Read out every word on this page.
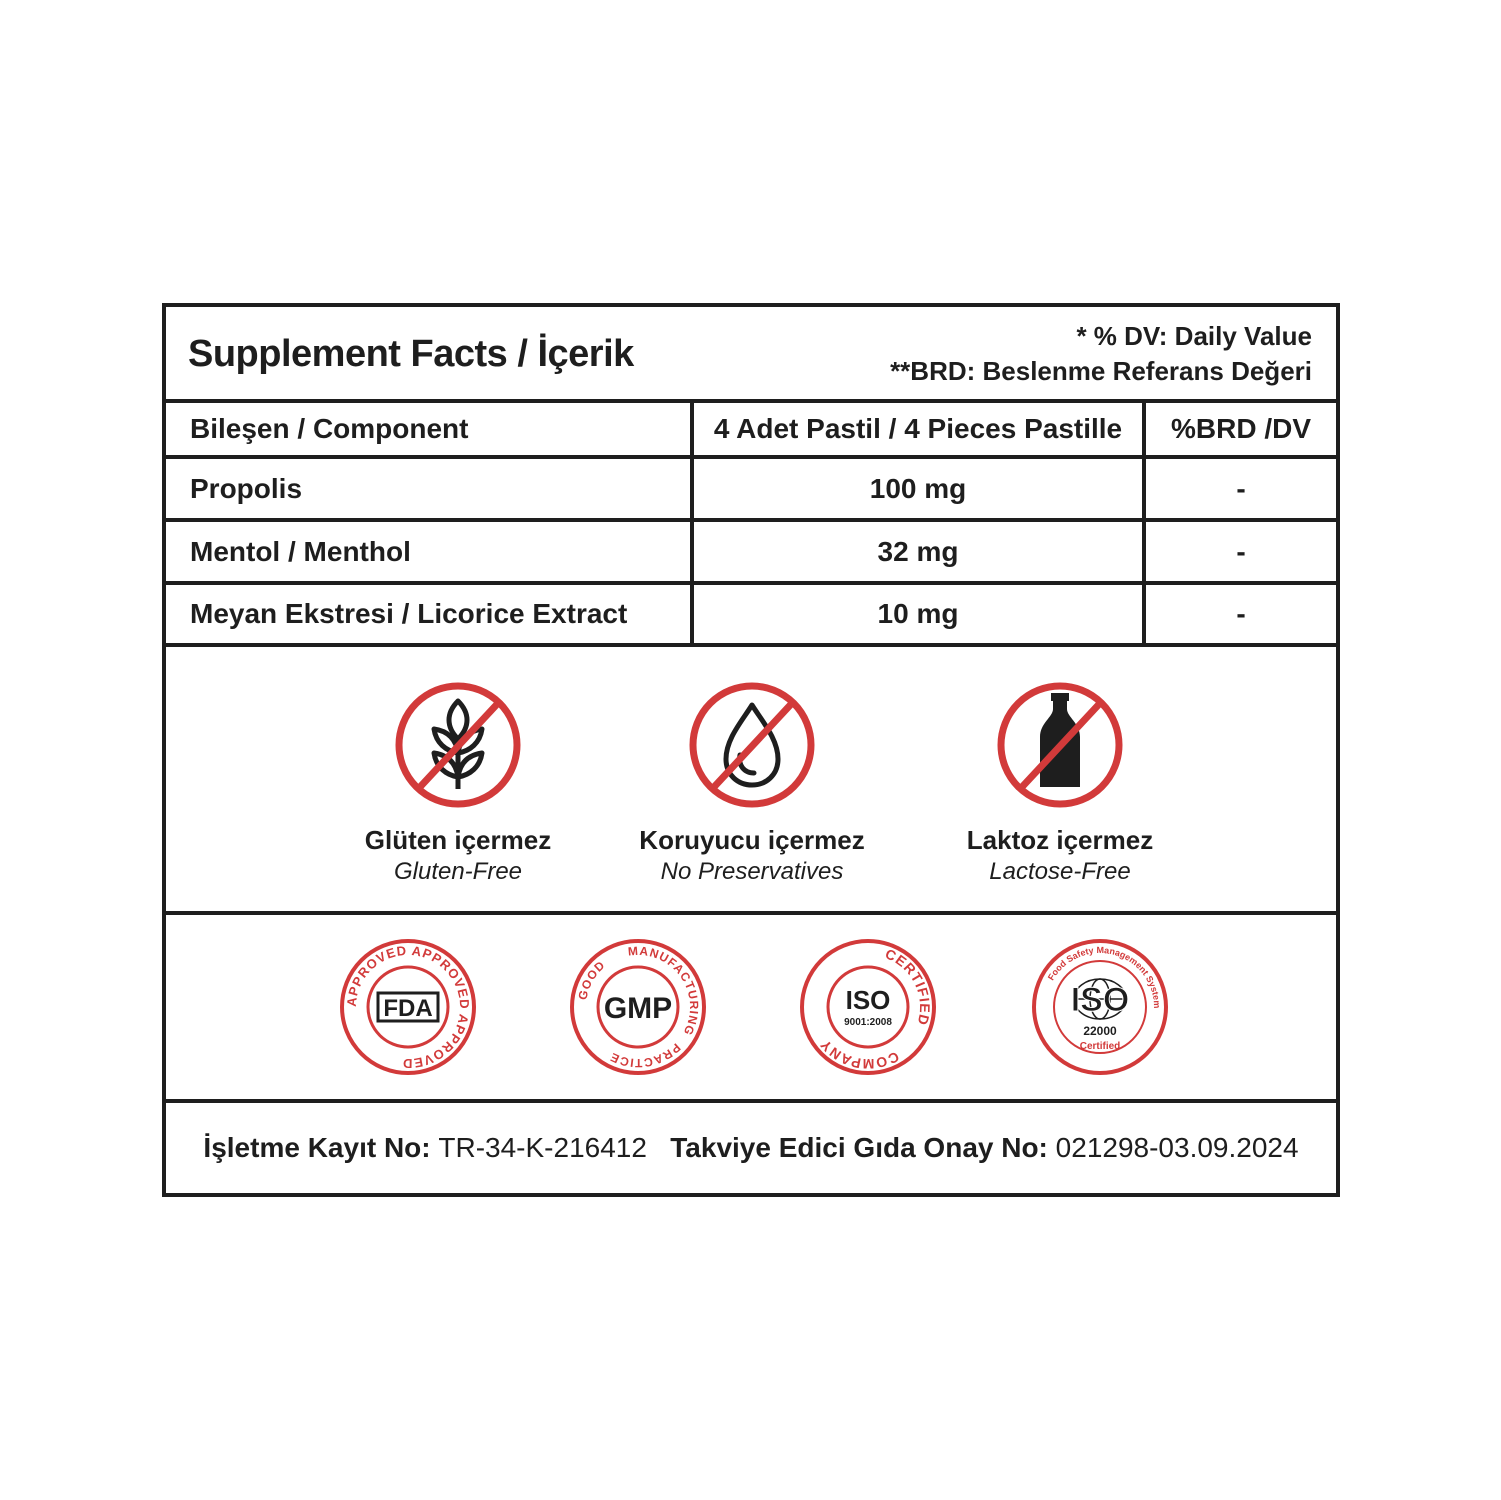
Supplement Facts / İçerik	* % DV: Daily Value
**BRD: Beslenme Referans Değeri
Bileşen / Component	4 Adet Pastil / 4 Pieces Pastille	%BRD /DV
Propolis	100 mg	-
Mentol / Menthol	32 mg	-
Meyan Ekstresi / Licorice Extract	10 mg	-
Glüten içermez
Gluten-Free
Koruyucu içermez
No Preservatives
Laktoz içermez
Lactose-Free
APPROVED
APPROVED
APPROVED
FDA
MANUFACTURING
GOOD
PRACTICE
GMP
CERTIFIED
COMPANY
ISO
9001:2008
Food Safety Management System
ISO
22000
Certified
İşletme Kayıt No: TR-34-K-216412 Takviye Edici Gıda Onay No: 021298-03.09.2024
